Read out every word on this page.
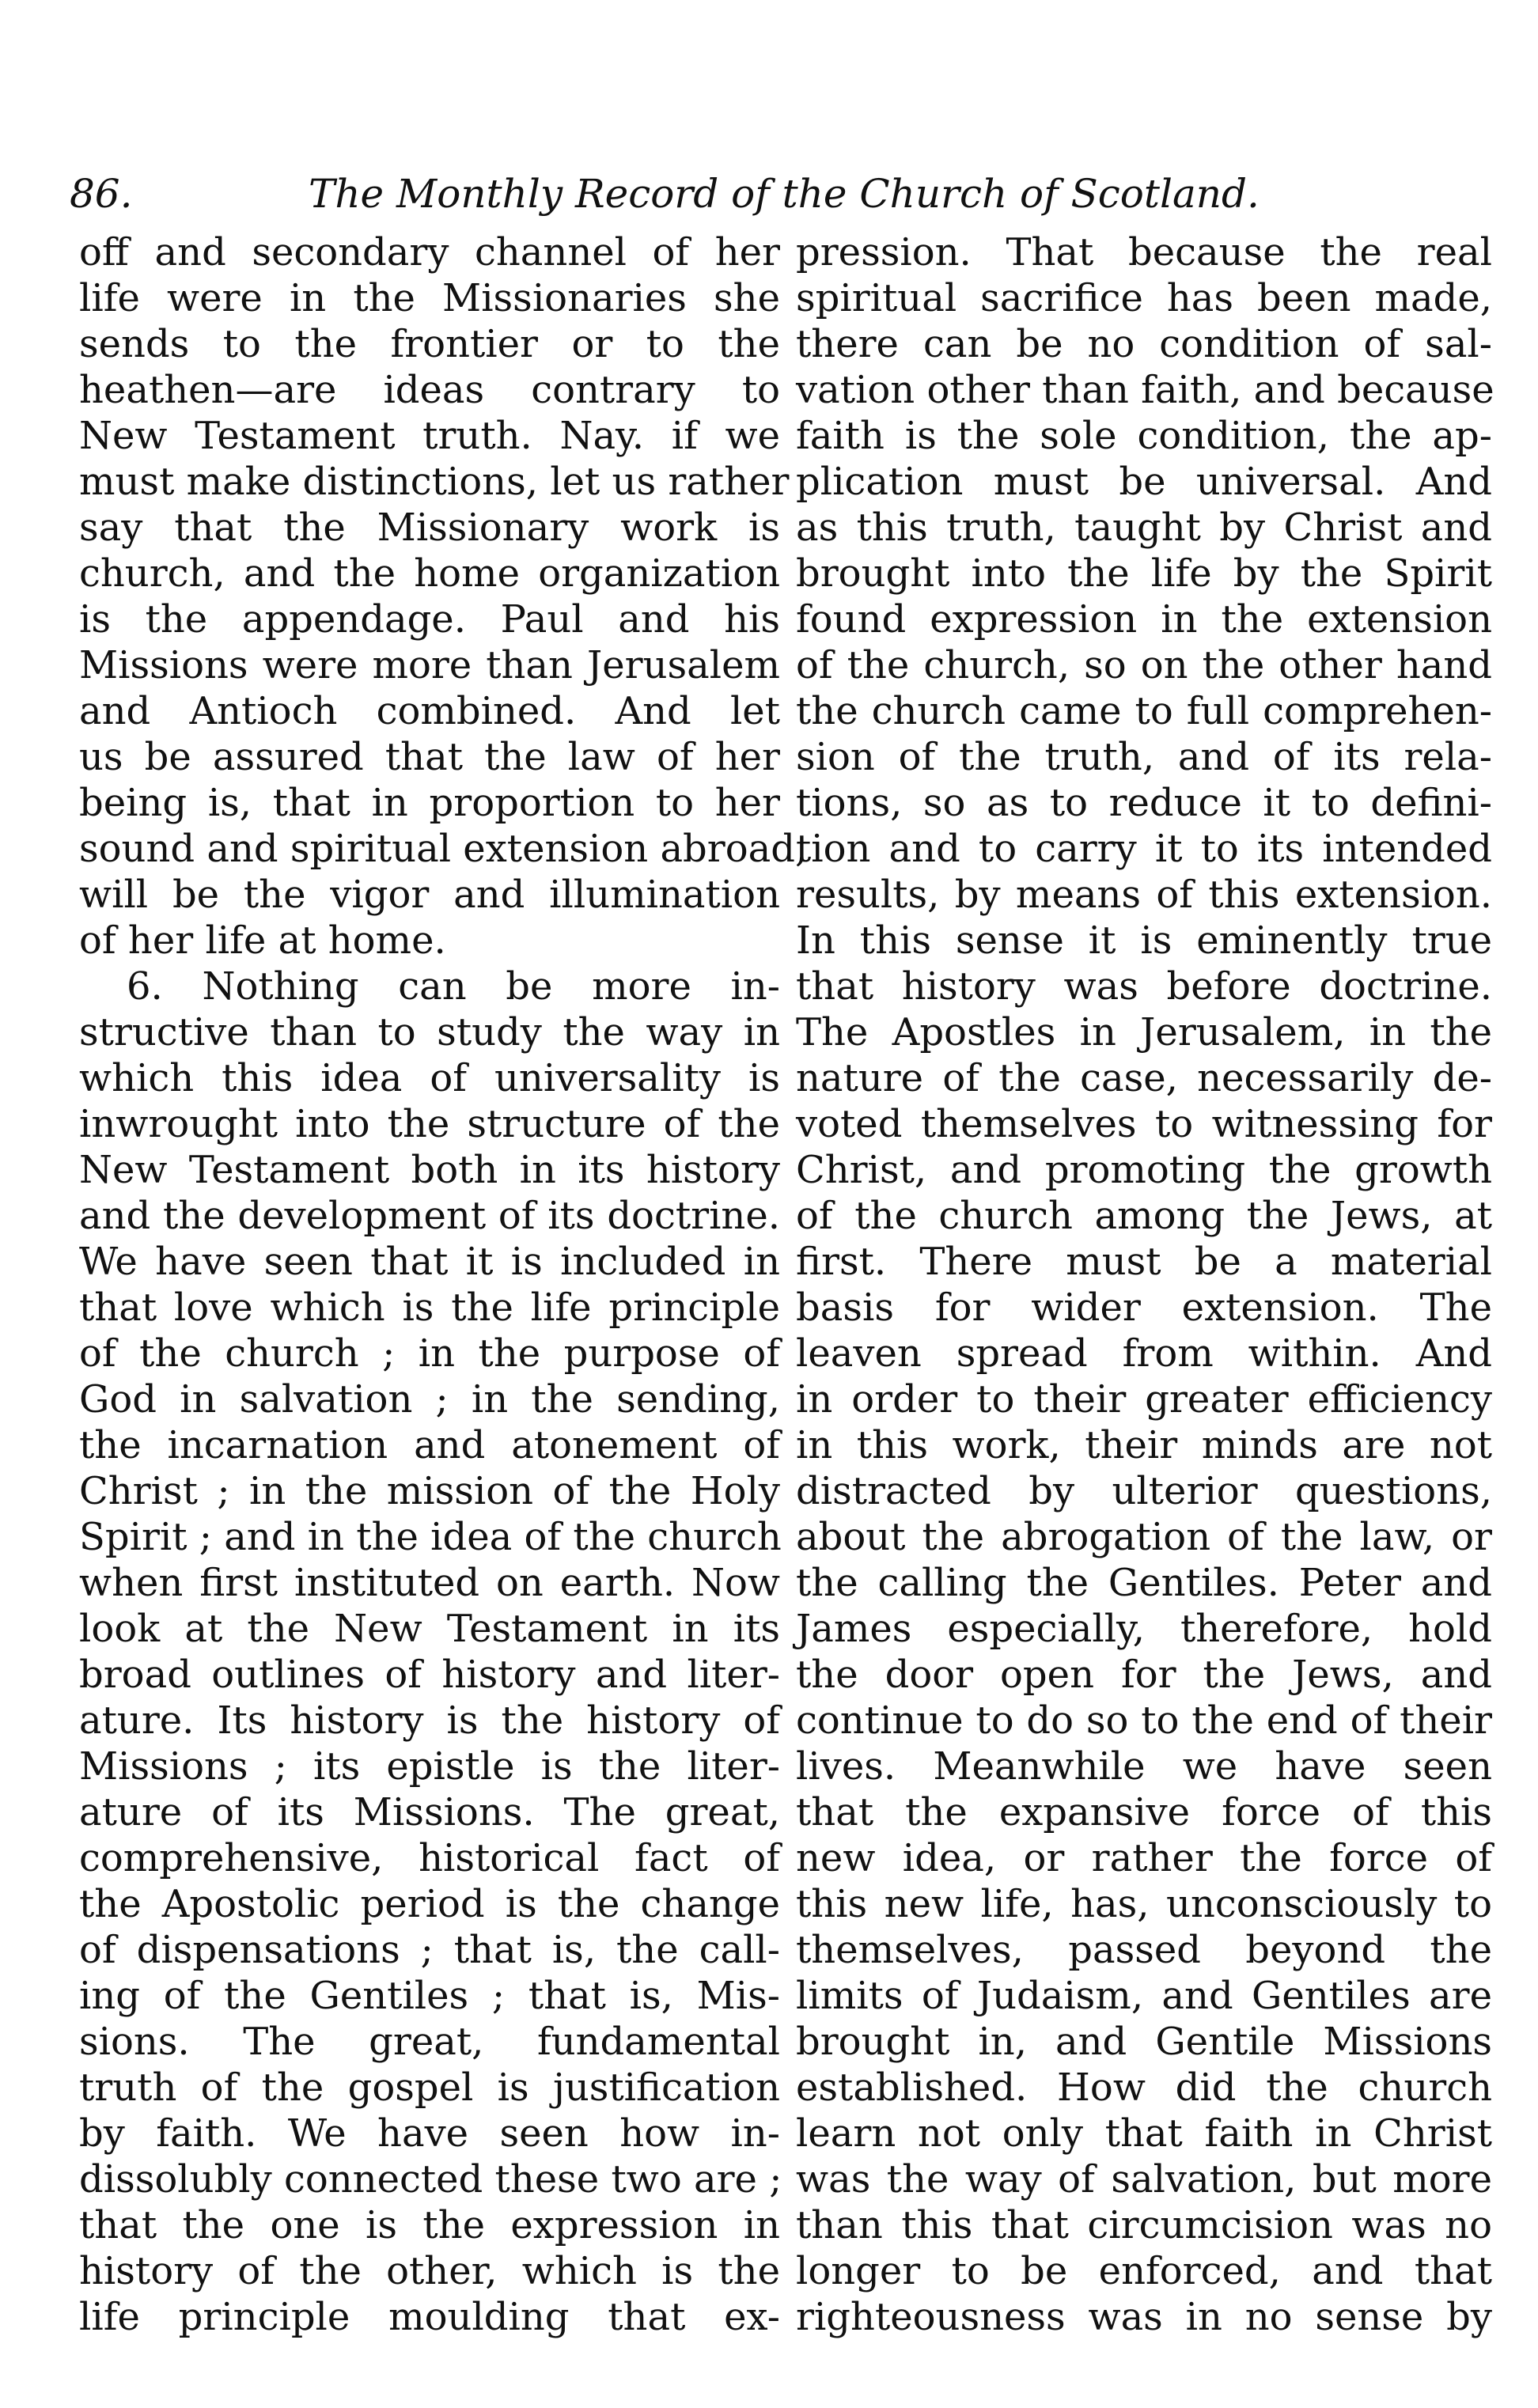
86.	The Monthly Record of the Church of Scotland.
off and secondary channel of her
life were in the Missionaries she
sends to the frontier or to the
heathen—are ideas contrary to
New Testament truth. Nay. if we
must make distinctions, let us rather
say that the Missionary work is
church, and the home organization
is the appendage. Paul and his
Missions were more than Jerusalem
and Antioch combined. And let
us be assured that the law of her
being is, that in proportion to her
sound and spiritual extension abroad,
will be the vigor and illumination
of her life at home.
6. Nothing can be more in-
structive than to study the way in
which this idea of universality is
inwrought into the structure of the
New Testament both in its history
and the development of its doctrine.
We have seen that it is included in
that love which is the life principle
of the church ; in the purpose of
God in salvation ; in the sending,
the incarnation and atonement of
Christ ; in the mission of the Holy
Spirit ; and in the idea of the church
when first instituted on earth. Now
look at the New Testament in its
broad outlines of history and liter-
ature. Its history is the history of
Missions ; its epistle is the liter-
ature of its Missions. The great,
comprehensive, historical fact of
the Apostolic period is the change
of dispensations ; that is, the call-
ing of the Gentiles ; that is, Mis-
sions. The great, fundamental
truth of the gospel is justification
by faith. We have seen how in-
dissolubly connected these two are ;
that the one is the expression in
history of the other, which is the
life principle moulding that ex-
pression. That because the real
spiritual sacrifice has been made,
there can be no condition of sal-
vation other than faith, and because
faith is the sole condition, the ap-
plication must be universal. And
as this truth, taught by Christ and
brought into the life by the Spirit
found expression in the extension
of the church, so on the other hand
the church came to full comprehen-
sion of the truth, and of its rela-
tions, so as to reduce it to defini-
tion and to carry it to its intended
results, by means of this extension.
In this sense it is eminently true
that history was before doctrine.
The Apostles in Jerusalem, in the
nature of the case, necessarily de-
voted themselves to witnessing for
Christ, and promoting the growth
of the church among the Jews, at
first. There must be a material
basis for wider extension. The
leaven spread from within. And
in order to their greater efficiency
in this work, their minds are not
distracted by ulterior questions,
about the abrogation of the law, or
the calling the Gentiles. Peter and
James especially, therefore, hold
the door open for the Jews, and
continue to do so to the end of their
lives. Meanwhile we have seen
that the expansive force of this
new idea, or rather the force of
this new life, has, unconsciously to
themselves, passed beyond the
limits of Judaism, and Gentiles are
brought in, and Gentile Missions
established. How did the church
learn not only that faith in Christ
was the way of salvation, but more
than this that circumcision was no
longer to be enforced, and that
righteousness was in no sense by
